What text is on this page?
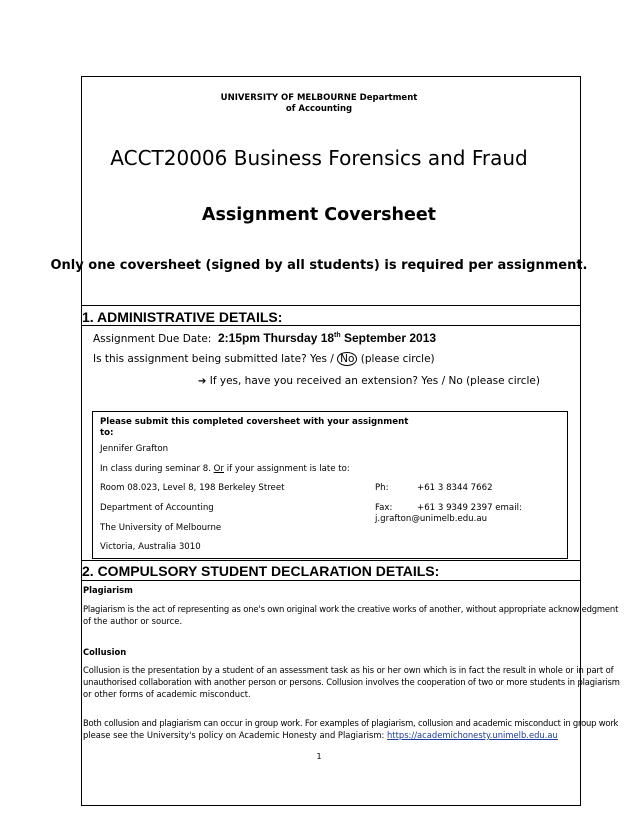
UNIVERSITY OF MELBOURNE Department
of Accounting
ACCT20006 Business Forensics and Fraud
Assignment Coversheet
Only one coversheet (signed by all students) is required per assignment.
1. ADMINISTRATIVE DETAILS:
Assignment Due Date: 2:15pm Thursday 18th September 2013
Is this assignment being submitted late? Yes / No (please circle)
➔ If yes, have you received an extension? Yes / No (please circle)
Please submit this completed coversheet with your assignment
to:
Jennifer Grafton
In class during seminar 8. Or if your assignment is late to:
Room 08.023, Level 8, 198 Berkeley Street
Department of Accounting
The University of Melbourne
Victoria, Australia 3010
Ph:	+61 3 8344 7662
Fax:	+61 3 9349 2397 email:
j.grafton@unimelb.edu.au
2. COMPULSORY STUDENT DECLARATION DETAILS:
Plagiarism
Plagiarism is the act of representing as one's own original work the creative works of another, without appropriate acknowledgment
of the author or source.
Collusion
Collusion is the presentation by a student of an assessment task as his or her own which is in fact the result in whole or in part of
unauthorised collaboration with another person or persons. Collusion involves the cooperation of two or more students in plagiarism
or other forms of academic misconduct.
Both collusion and plagiarism can occur in group work. For examples of plagiarism, collusion and academic misconduct in group work
please see the University's policy on Academic Honesty and Plagiarism: https://academichonesty.unimelb.edu.au
1
